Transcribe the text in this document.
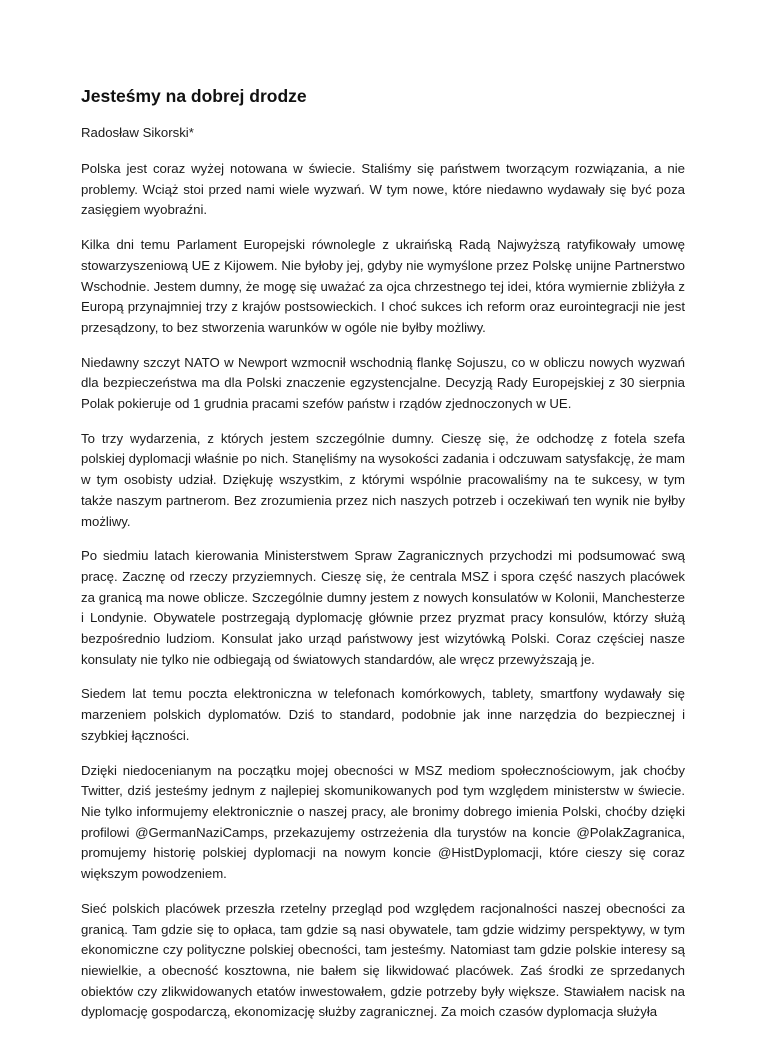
Jesteśmy na dobrej drodze

Radosław Sikorski*

Polska jest coraz wyżej notowana w świecie. Staliśmy się państwem tworzącym rozwiązania, a nie problemy. Wciąż stoi przed nami wiele wyzwań. W tym nowe, które niedawno wydawały się być poza zasięgiem wyobraźni.

Kilka dni temu Parlament Europejski równolegle z ukraińską Radą Najwyższą ratyfikowały umowę stowarzyszeniową UE z Kijowem. Nie byłoby jej, gdyby nie wymyślone przez Polskę unijne Partnerstwo Wschodnie. Jestem dumny, że mogę się uważać za ojca chrzestnego tej idei, która wymiernie zbliżyła z Europą przynajmniej trzy z krajów postsowieckich. I choć sukces ich reform oraz eurointegracji nie jest przesądzony, to bez stworzenia warunków w ogóle nie byłby możliwy.

Niedawny szczyt NATO w Newport wzmocnił wschodnią flankę Sojuszu, co w obliczu nowych wyzwań dla bezpieczeństwa ma dla Polski znaczenie egzystencjalne. Decyzją Rady Europejskiej z 30 sierpnia Polak pokieruje od 1 grudnia pracami szefów państw i rządów zjednoczonych w UE.

To trzy wydarzenia, z których jestem szczególnie dumny. Cieszę się, że odchodzę z fotela szefa polskiej dyplomacji właśnie po nich. Stanęliśmy na wysokości zadania i odczuwam satysfakcję, że mam w tym osobisty udział. Dziękuję wszystkim, z którymi wspólnie pracowaliśmy na te sukcesy, w tym także naszym partnerom. Bez zrozumienia przez nich naszych potrzeb i oczekiwań ten wynik nie byłby możliwy.

Po siedmiu latach kierowania Ministerstwem Spraw Zagranicznych przychodzi mi podsumować swą pracę. Zacznę od rzeczy przyziemnych. Cieszę się, że centrala MSZ i spora część naszych placówek za granicą ma nowe oblicze. Szczególnie dumny jestem z nowych konsulatów w Kolonii, Manchesterze i Londynie. Obywatele postrzegają dyplomację głównie przez pryzmat pracy konsulów, którzy służą bezpośrednio ludziom. Konsulat jako urząd państwowy jest wizytówką Polski. Coraz częściej nasze konsulaty nie tylko nie odbiegają od światowych standardów, ale wręcz przewyższają je.

Siedem lat temu poczta elektroniczna w telefonach komórkowych, tablety, smartfony wydawały się marzeniem polskich dyplomatów. Dziś to standard, podobnie jak inne narzędzia do bezpiecznej i szybkiej łączności.

Dzięki niedocenianym na początku mojej obecności w MSZ mediom społecznościowym, jak choćby Twitter, dziś jesteśmy jednym z najlepiej skomunikowanych pod tym względem ministerstw w świecie. Nie tylko informujemy elektronicznie o naszej pracy, ale bronimy dobrego imienia Polski, choćby dzięki profilowi @GermanNaziCamps, przekazujemy ostrzeżenia dla turystów na koncie @PolakZagranica, promujemy historię polskiej dyplomacji na nowym koncie @HistDyplomacji, które cieszy się coraz większym powodzeniem.

Sieć polskich placówek przeszła rzetelny przegląd pod względem racjonalności naszej obecności za granicą. Tam gdzie się to opłaca, tam gdzie są nasi obywatele, tam gdzie widzimy perspektywy, w tym ekonomiczne czy polityczne polskiej obecności, tam jesteśmy. Natomiast tam gdzie polskie interesy są niewielkie, a obecność kosztowna, nie bałem się likwidować placówek. Zaś środki ze sprzedanych obiektów czy zlikwidowanych etatów inwestowałem, gdzie potrzeby były większe. Stawiałem nacisk na dyplomację gospodarczą, ekonomizację służby zagranicznej. Za moich czasów dyplomacja służyła
